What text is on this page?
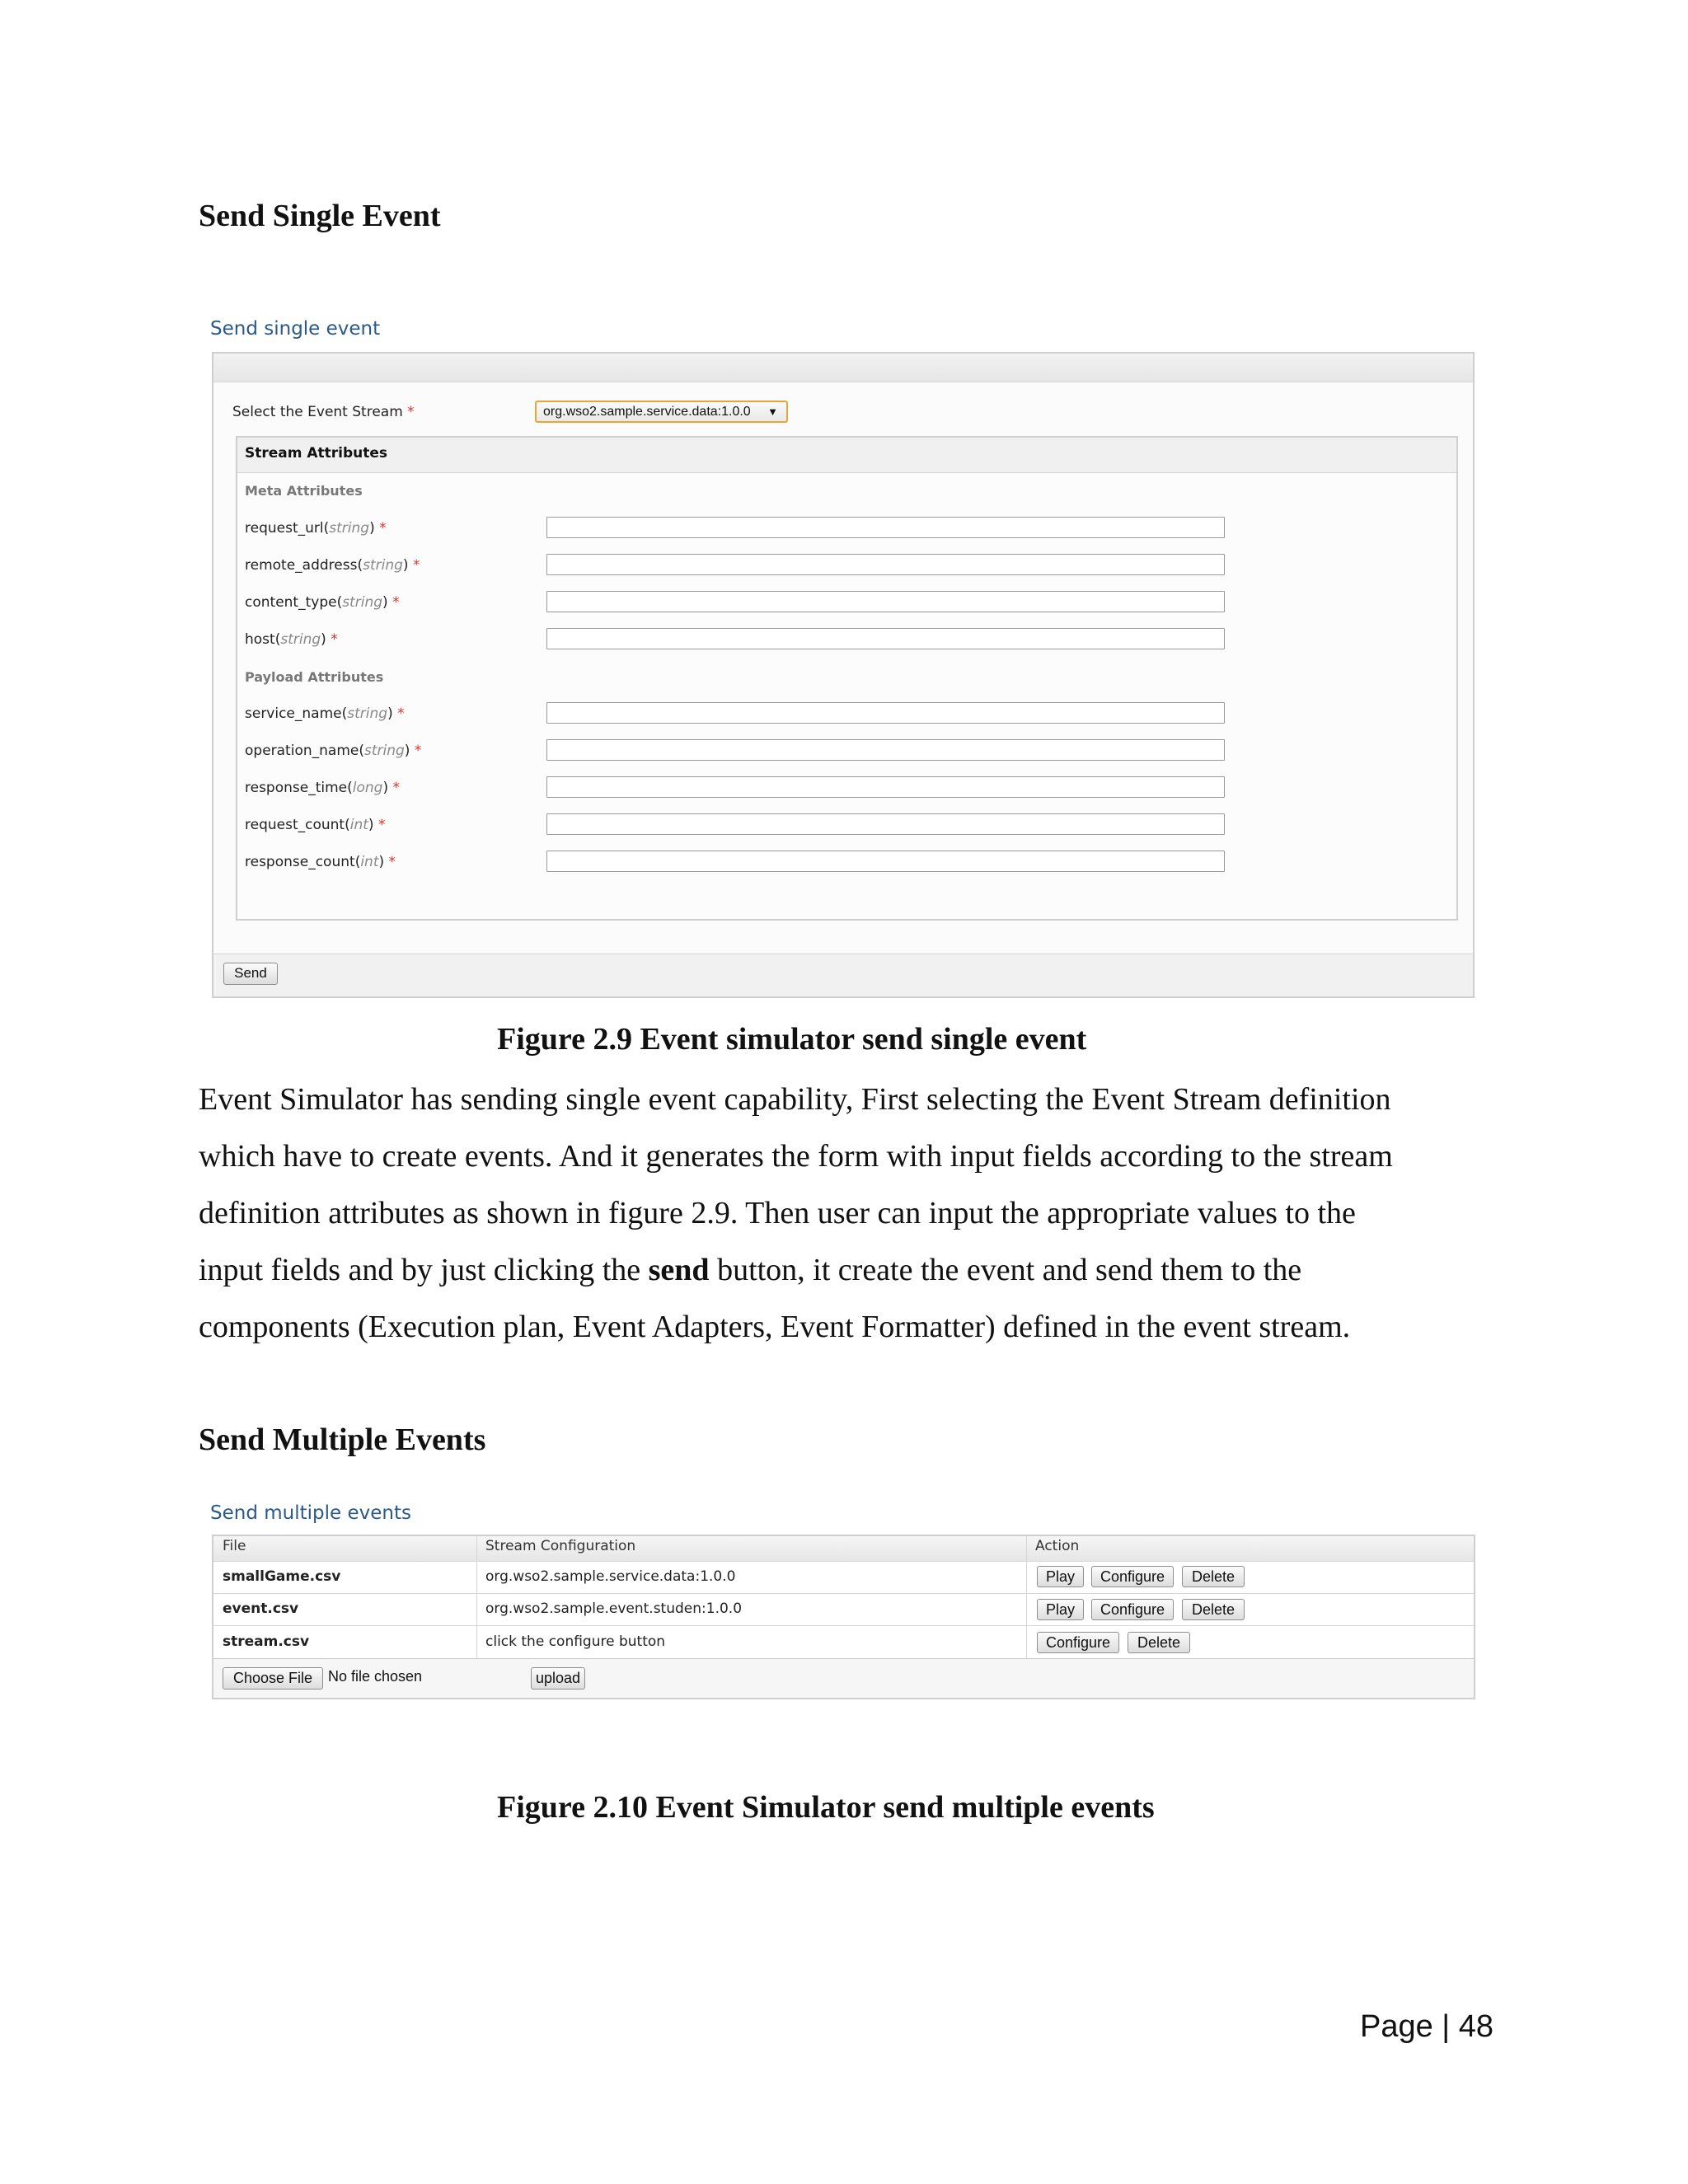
Send Single Event
Send single event
Select the Event Stream *	org.wso2.sample.service.data:1.0.0 ▼
Stream Attributes
Meta Attributes
request_url(string) *
remote_address(string) *
content_type(string) *
host(string) *
Payload Attributes
service_name(string) *
operation_name(string) *
response_time(long) *
request_count(int) *
response_count(int) *
Send
Figure 2.9 Event simulator send single event

Event Simulator has sending single event capability, First selecting the Event Stream definition

which have to create events. And it generates the form with input fields according to the stream

definition attributes as shown in figure 2.9. Then user can input the appropriate values to the

input fields and by just clicking the send button, it create the event and send them to the

components (Execution plan, Event Adapters, Event Formatter) defined in the event stream.

Send Multiple Events
Send multiple events
File	Stream Configuration	Action
smallGame.csv	org.wso2.sample.service.data:1.0.0	Play	Configure	Delete
event.csv	org.wso2.sample.event.studen:1.0.0	Play	Configure	Delete
stream.csv	click the configure button	Configure	Delete
Choose File	No file chosen	upload
Figure 2.10 Event Simulator send multiple events
Page | 48
